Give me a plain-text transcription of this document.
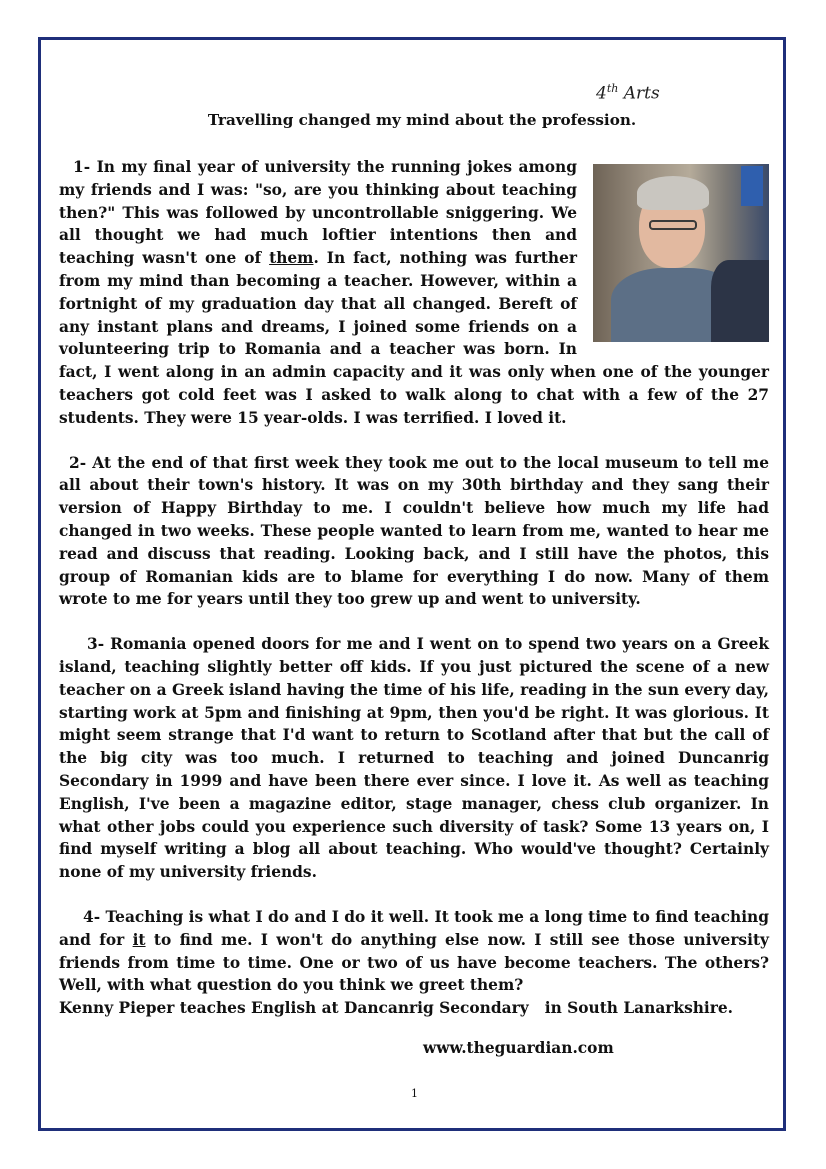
4th Arts
Travelling changed my mind about the profession.

1- In my final year of university the running jokes among my friends and I was: "so, are you thinking about teaching then?" This was followed by uncontrollable sniggering. We all thought we had much loftier intentions then and teaching wasn't one of them. In fact, nothing was further from my mind than becoming a teacher. However, within a fortnight of my graduation day that all changed. Bereft of any instant plans and dreams, I joined some friends on a volunteering trip to Romania and a teacher was born. In fact, I went along in an admin capacity and it was only when one of the younger teachers got cold feet was I asked to walk along to chat with a few of the 27 students. They were 15 year-olds. I was terrified. I loved it.

2- At the end of that first week they took me out to the local museum to tell me all about their town's history. It was on my 30th birthday and they sang their version of Happy Birthday to me. I couldn't believe how much my life had changed in two weeks. These people wanted to learn from me, wanted to hear me read and discuss that reading. Looking back, and I still have the photos, this group of Romanian kids are to blame for everything I do now. Many of them wrote to me for years until they too grew up and went to university.

3- Romania opened doors for me and I went on to spend two years on a Greek island, teaching slightly better off kids. If you just pictured the scene of a new teacher on a Greek island having the time of his life, reading in the sun every day, starting work at 5pm and finishing at 9pm, then you'd be right. It was glorious. It might seem strange that I'd want to return to Scotland after that but the call of the big city was too much. I returned to teaching and joined Duncanrig Secondary in 1999 and have been there ever since. I love it. As well as teaching English, I've been a magazine editor, stage manager, chess club organizer. In what other jobs could you experience such diversity of task? Some 13 years on, I find myself writing a blog all about teaching. Who would've thought? Certainly none of my university friends.

4- Teaching is what I do and I do it well. It took me a long time to find teaching and for it to find me. I won't do anything else now. I still see those university friends from time to time. One or two of us have become teachers. The others? Well, with what question do you think we greet them?

Kenny Pieper teaches English at Dancanrig Secondary   in South Lanarkshire.

www.theguardian.com
1
